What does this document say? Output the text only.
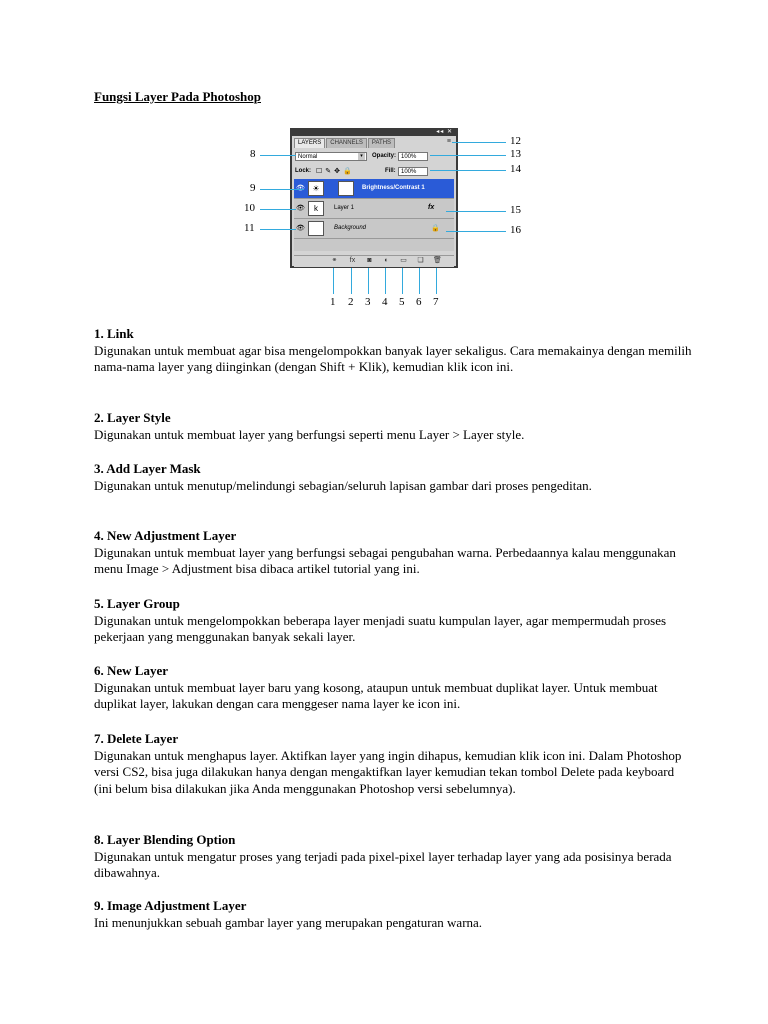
Fungsi Layer Pada Photoshop
◂◂ ✕
LAYERS	CHANNELS	PATHS	≡
Normal	▾	Opacity: 100%
Lock: ☐✎✥🔒	Fill: 100%
☀	Brightness/Contrast 1
👁	k	Layer 1	fx
👁	Background	🔒
⚭ fx	◙	◐	▭ ❏ 🗑
1 2 3 4 5 6 7
8
9
10
11
12
13
14
15
16
1. Link

Digunakan untuk membuat agar bisa mengelompokkan banyak layer sekaligus. Cara memakainya dengan memilih nama-nama layer yang diinginkan (dengan Shift + Klik), kemudian klik icon ini.

2. Layer Style

Digunakan untuk membuat layer yang berfungsi seperti menu Layer > Layer style.

3. Add Layer Mask

Digunakan untuk menutup/melindungi sebagian/seluruh lapisan gambar dari proses pengeditan.

4. New Adjustment Layer

Digunakan untuk membuat layer yang berfungsi sebagai pengubahan warna. Perbedaannya kalau menggunakan menu Image > Adjustment bisa dibaca artikel tutorial yang ini.

5. Layer Group

Digunakan untuk mengelompokkan beberapa layer menjadi suatu kumpulan layer, agar mempermudah proses pekerjaan yang menggunakan banyak sekali layer.

6. New Layer

Digunakan untuk membuat layer baru yang kosong, ataupun untuk membuat duplikat layer. Untuk membuat duplikat layer, lakukan dengan cara menggeser nama layer ke icon ini.

7. Delete Layer

Digunakan untuk menghapus layer. Aktifkan layer yang ingin dihapus, kemudian klik icon ini. Dalam Photoshop versi CS2, bisa juga dilakukan hanya dengan mengaktifkan layer kemudian tekan tombol Delete pada keyboard (ini belum bisa dilakukan jika Anda menggunakan Photoshop versi sebelumnya).

8. Layer Blending Option

Digunakan untuk mengatur proses yang terjadi pada pixel-pixel layer terhadap layer yang ada posisinya berada dibawahnya.

9. Image Adjustment Layer

Ini menunjukkan sebuah gambar layer yang merupakan pengaturan warna.
